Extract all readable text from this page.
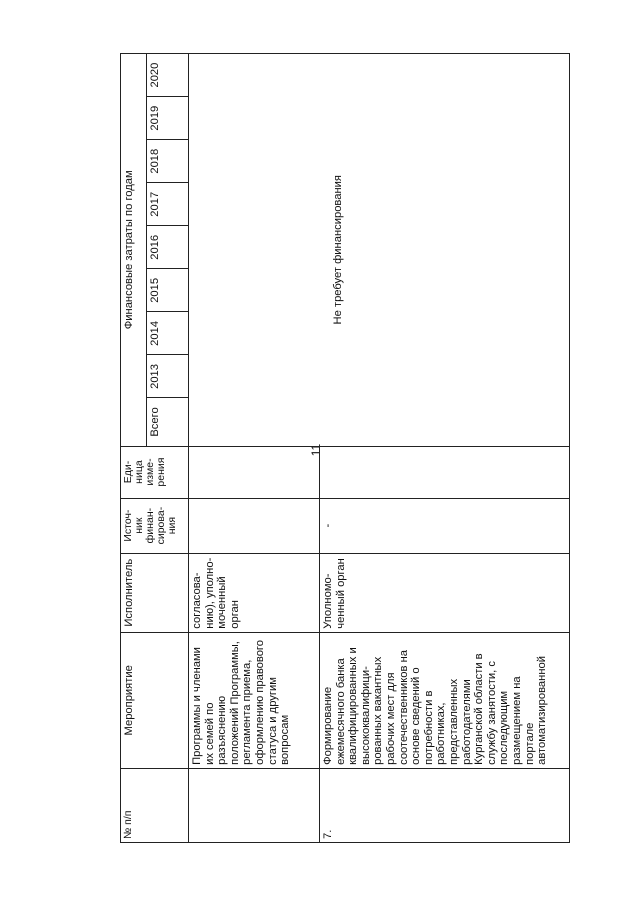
11
№ п/п	Мероприятие	Исполнитель	Источ-ник финан-сирова-ния	Еди-ница изме-рения	Финансовые затраты по годам								
					Всего	2013	2014	2015	2016	2017	2018	2019	2020
	Программы и членами их семей по разъяснению положений Программы, регламента приема, оформлению правового статуса и другим вопросам	согласова-нию), уполно-моченный орган			Не требует финансирования								

7.	Формирование ежемесячного банка квалифицированных и высококвалифици-рованных вакантных рабочих мест для соотечественников на основе сведений о потребности в работниках, представленных работодателями Курганской области в службу занятости, с последующим размещением на портале автоматизированной	Уполномо-ченный орган	-										
